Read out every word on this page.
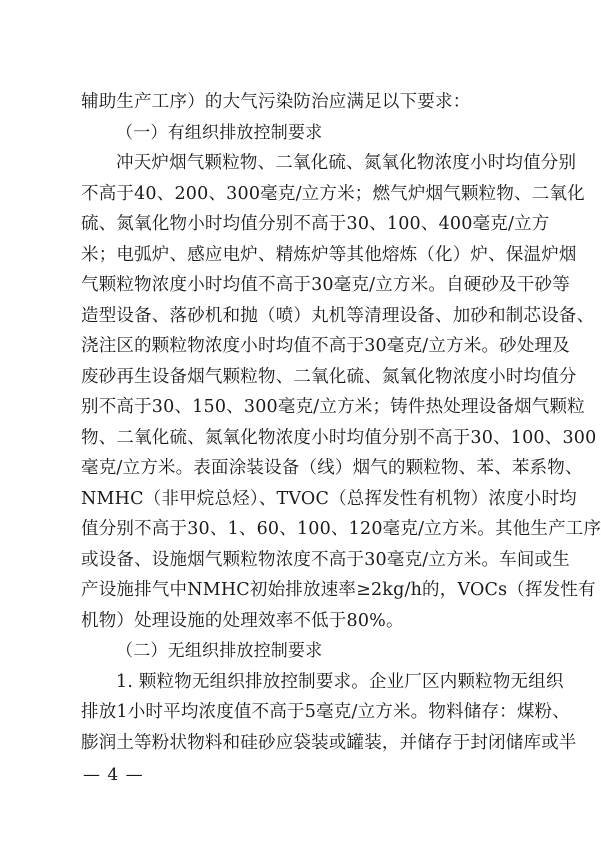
辅助生产工序）的大气污染防治应满足以下要求：
（一）有组织排放控制要求
冲天炉烟气颗粒物、二氧化硫、氮氧化物浓度小时均值分别
不高于40、200、300毫克/立方米；燃气炉烟气颗粒物、二氧化
硫、氮氧化物小时均值分别不高于30、100、400毫克/立方
米；电弧炉、感应电炉、精炼炉等其他熔炼（化）炉、保温炉烟
气颗粒物浓度小时均值不高于30毫克/立方米。自硬砂及干砂等
造型设备、落砂机和抛（喷）丸机等清理设备、加砂和制芯设备、
浇注区的颗粒物浓度小时均值不高于30毫克/立方米。砂处理及
废砂再生设备烟气颗粒物、二氧化硫、氮氧化物浓度小时均值分
别不高于30、150、300毫克/立方米；铸件热处理设备烟气颗粒
物、二氧化硫、氮氧化物浓度小时均值分别不高于30、100、300
毫克/立方米。表面涂装设备（线）烟气的颗粒物、苯、苯系物、
NMHC（非甲烷总烃）、TVOC（总挥发性有机物）浓度小时均
值分别不高于30、1、60、100、120毫克/立方米。其他生产工序
或设备、设施烟气颗粒物浓度不高于30毫克/立方米。车间或生
产设施排气中NMHC初始排放速率≥2kg/h的，VOCs（挥发性有
机物）处理设施的处理效率不低于80%。
（二）无组织排放控制要求
1. 颗粒物无组织排放控制要求。企业厂区内颗粒物无组织
排放1小时平均浓度值不高于5毫克/立方米。物料储存：煤粉、
膨润土等粉状物料和硅砂应袋装或罐装，并储存于封闭储库或半
— 4 —
